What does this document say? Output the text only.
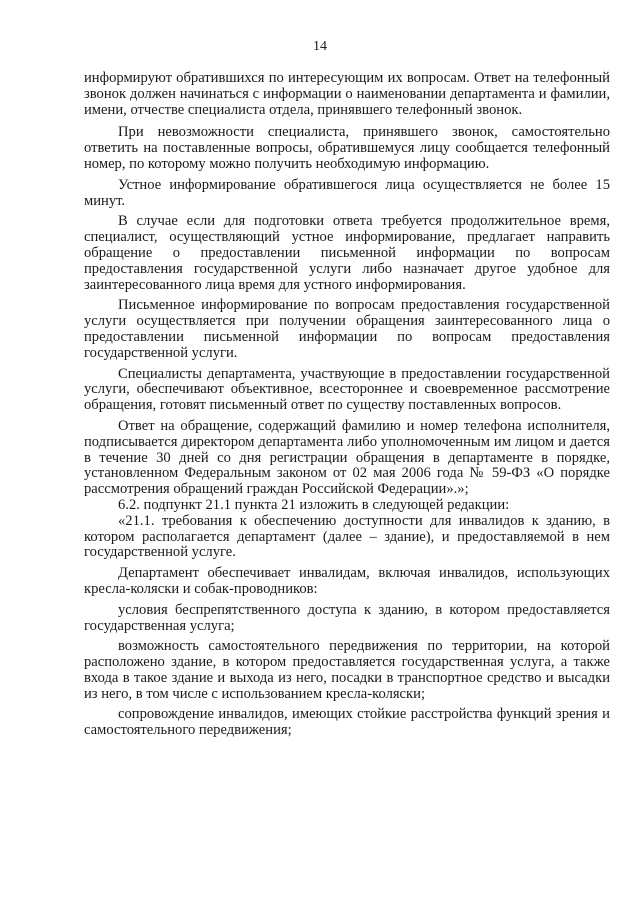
14

информируют обратившихся по интересующим их вопросам. Ответ на телефонный звонок должен начинаться с информации о наименовании департамента и фамилии, имени, отчестве специалиста отдела, принявшего телефонный звонок.

При невозможности специалиста, принявшего звонок, самостоятельно ответить на поставленные вопросы, обратившемуся лицу сообщается телефонный номер, по которому можно получить необходимую информацию.

Устное информирование обратившегося лица осуществляется не более 15 минут.

В случае если для подготовки ответа требуется продолжительное время, специалист, осуществляющий устное информирование, предлагает направить обращение о предоставлении письменной информации по вопросам предоставления государственной услуги либо назначает другое удобное для заинтересованного лица время для устного информирования.

Письменное информирование по вопросам предоставления государственной услуги осуществляется при получении обращения заинтересованного лица о предоставлении письменной информации по вопросам предоставления государственной услуги.

Специалисты департамента, участвующие в предоставлении государственной услуги, обеспечивают объективное, всестороннее и своевременное рассмотрение обращения, готовят письменный ответ по существу поставленных вопросов.

Ответ на обращение, содержащий фамилию и номер телефона исполнителя, подписывается директором департамента либо уполномоченным им лицом и дается в течение 30 дней со дня регистрации обращения в департаменте в порядке, установленном Федеральным законом от 02 мая 2006 года № 59-ФЗ «О порядке рассмотрения обращений граждан Российской Федерации».»;

6.2. подпункт 21.1 пункта 21 изложить в следующей редакции:

«21.1. требования к обеспечению доступности для инвалидов к зданию, в котором располагается департамент (далее – здание), и предоставляемой в нем государственной услуге.

Департамент обеспечивает инвалидам, включая инвалидов, использующих кресла-коляски и собак-проводников:

условия беспрепятственного доступа к зданию, в котором предоставляется государственная услуга;

возможность самостоятельного передвижения по территории, на которой расположено здание, в котором предоставляется государственная услуга, а также входа в такое здание и выхода из него, посадки в транспортное средство и высадки из него, в том числе с использованием кресла-коляски;

сопровождение инвалидов, имеющих стойкие расстройства функций зрения и самостоятельного передвижения;
